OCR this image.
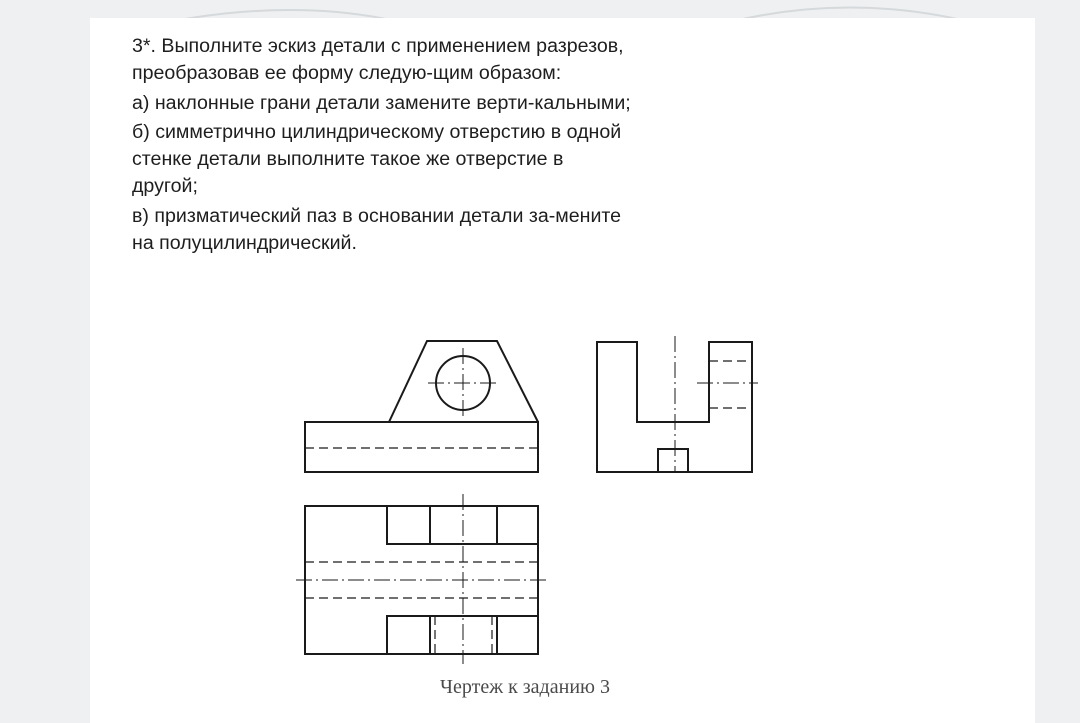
3*. Выполните эскиз детали с применением разрезов, преобразовав ее форму следую-щим образом:

а) наклонные грани детали замените верти-кальными;

б) симметрично цилиндрическому отверстию в одной стенке детали выполните такое же отверстие в другой;

в) призматический паз в основании детали за-мените на полуцилиндрический.

Чертеж к заданию 3
